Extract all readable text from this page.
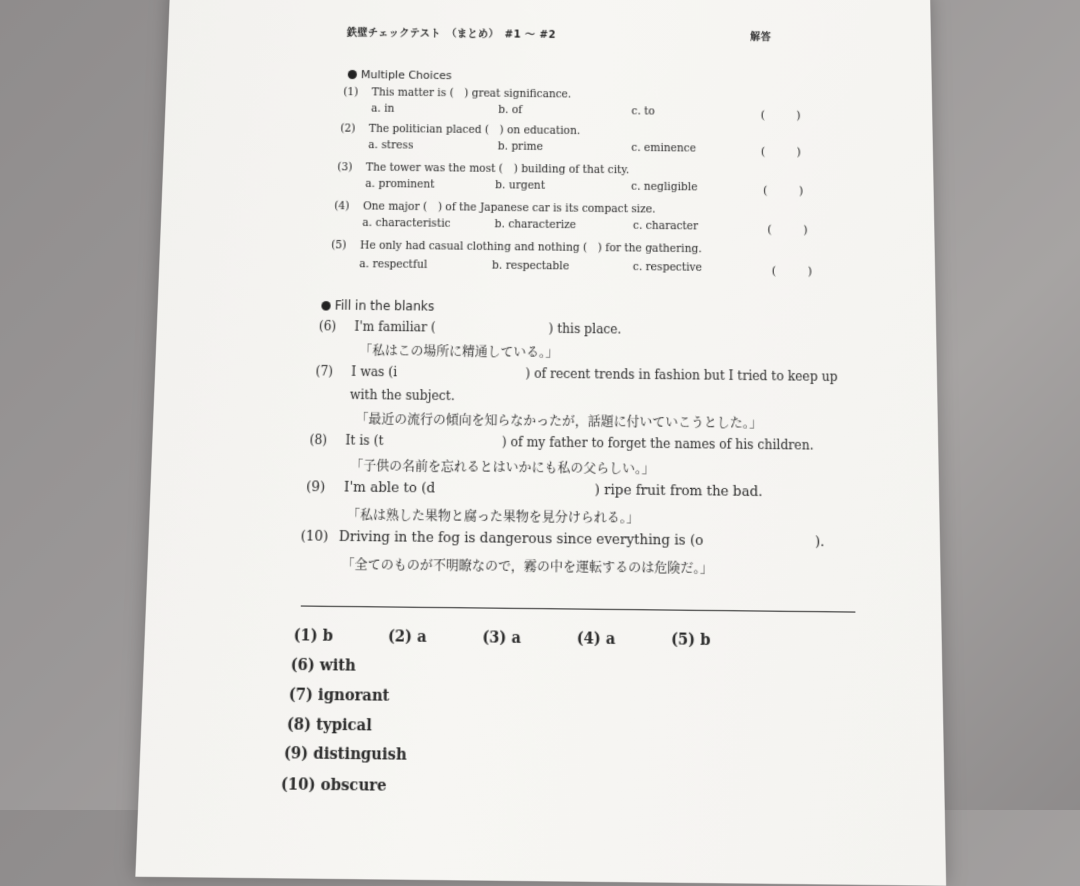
鉄壁チェックテスト　（まとめ）　#1 ～ #2	解答
Multiple Choices
(1) This matter is (　) great significance.
a. in	b. of	c. to	(　)
(2) The politician placed (　) on education.
a. stress	b. prime	c. eminence	(　)
(3) The tower was the most (　) building of that city.
a. prominent	b. urgent	c. negligible	(　)
(4) One major (　) of the Japanese car is its compact size.
a. characteristic	b. characterize	c. character	(　)
(5) He only had casual clothing and nothing (　) for the gathering.
a. respectful	b. respectable	c. respective	(　)
Fill in the blanks
(6) I'm familiar (	) this place.
「私はこの場所に精通している。」
(7) I was (i	) of recent trends in fashion but I tried to keep up
with the subject.
「最近の流行の傾向を知らなかったが，話題に付いていこうとした。」
(8) It is (t	) of my father to forget the names of his children.
「子供の名前を忘れるとはいかにも私の父らしい。」
(9) I'm able to (d	) ripe fruit from the bad.
「私は熟した果物と腐った果物を見分けられる。」
(10) Driving in the fog is dangerous since everything is (o	).
「全てのものが不明瞭なので，霧の中を運転するのは危険だ。」
(1) b	(2) a	(3) a	(4) a	(5) b
(6) with
(7) ignorant
(8) typical
(9) distinguish
(10) obscure
